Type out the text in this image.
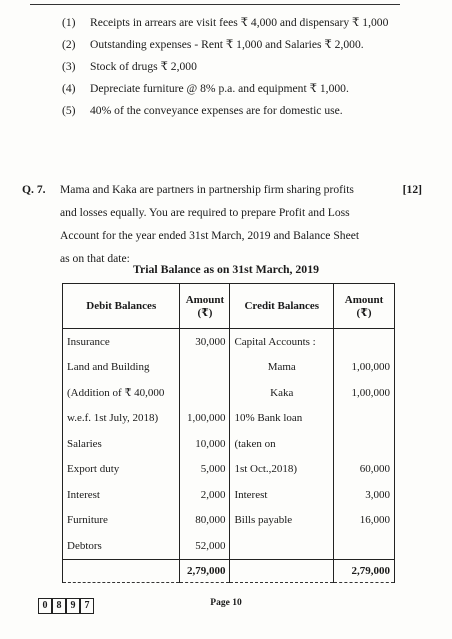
(1)	Receipts in arrears are visit fees ₹ 4,000 and dispensary ₹ 1,000
(2)	Outstanding expenses - Rent ₹ 1,000 and Salaries ₹ 2,000.
(3)	Stock of drugs ₹ 2,000
(4)	Depreciate furniture @ 8% p.a. and equipment ₹ 1,000.
(5)	40% of the conveyance expenses are for domestic use.
Q. 7. Mama and Kaka are partners in partnership firm sharing profits and losses equally. You are required to prepare Profit and Loss Account for the year ended 31st March, 2019 and Balance Sheet as on that date:
[12]
Trial Balance as on 31st March, 2019
Debit Balances	Amount (₹)	Credit Balances	Amount (₹)
Insurance	30,000	Capital Accounts :	
Land and Building		Mama	1,00,000
(Addition of ₹ 40,000		Kaka	1,00,000
w.e.f. 1st July, 2018)	1,00,000	10% Bank loan	
Salaries	10,000	(taken on	
Export duty	5,000	1st Oct.,2018)	60,000
Interest	2,000	Interest	3,000
Furniture	80,000	Bills payable	16,000
Debtors	52,000		
	2,79,000		2,79,000
0 8 9 7	Page 10
